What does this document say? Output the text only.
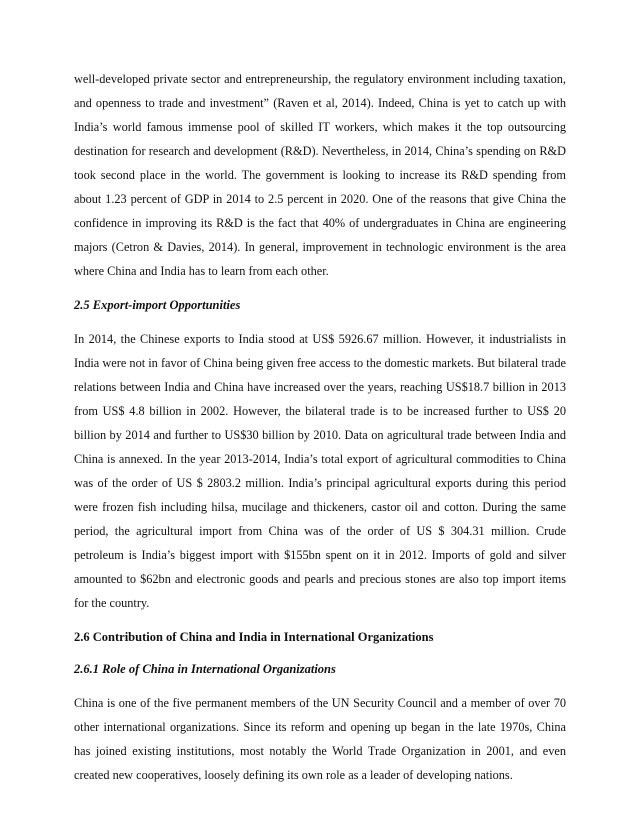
well-developed private sector and entrepreneurship, the regulatory environment including taxation, and openness to trade and investment” (Raven et al, 2014). Indeed, China is yet to catch up with India’s world famous immense pool of skilled IT workers, which makes it the top outsourcing destination for research and development (R&D). Nevertheless, in 2014, China’s spending on R&D took second place in the world. The government is looking to increase its R&D spending from about 1.23 percent of GDP in 2014 to 2.5 percent in 2020. One of the reasons that give China the confidence in improving its R&D is the fact that 40% of undergraduates in China are engineering majors (Cetron & Davies, 2014). In general, improvement in technologic environment is the area where China and India has to learn from each other.

2.5 Export-import Opportunities

In 2014, the Chinese exports to India stood at US$ 5926.67 million. However, it industrialists in India were not in favor of China being given free access to the domestic markets. But bilateral trade relations between India and China have increased over the years, reaching US$18.7 billion in 2013 from US$ 4.8 billion in 2002. However, the bilateral trade is to be increased further to US$ 20 billion by 2014 and further to US$30 billion by 2010. Data on agricultural trade between India and China is annexed. In the year 2013-2014, India’s total export of agricultural commodities to China was of the order of US $ 2803.2 million. India’s principal agricultural exports during this period were frozen fish including hilsa, mucilage and thickeners, castor oil and cotton. During the same period, the agricultural import from China was of the order of US $ 304.31 million. Crude petroleum is India’s biggest import with $155bn spent on it in 2012. Imports of gold and silver amounted to $62bn and electronic goods and pearls and precious stones are also top import items for the country.

2.6 Contribution of China and India in International Organizations
2.6.1 Role of China in International Organizations

China is one of the five permanent members of the UN Security Council and a member of over 70 other international organizations. Since its reform and opening up began in the late 1970s, China has joined existing institutions, most notably the World Trade Organization in 2001, and even created new cooperatives, loosely defining its own role as a leader of developing nations.
